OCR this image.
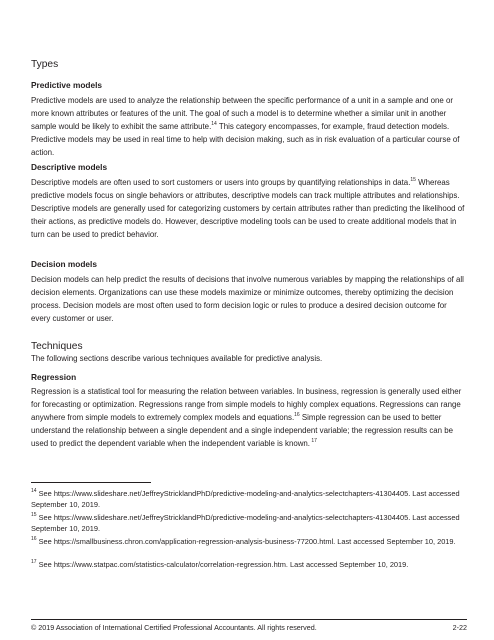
Types
Predictive models
Predictive models are used to analyze the relationship between the specific performance of a unit in a sample and one or more known attributes or features of the unit. The goal of such a model is to determine whether a similar unit in another sample would be likely to exhibit the same attribute.$^{14}$ This category encompasses, for example, fraud detection models. Predictive models may be used in real time to help with decision making, such as in risk evaluation of a particular course of action.
Descriptive models
Descriptive models are often used to sort customers or users into groups by quantifying relationships in data.$^{15}$ Whereas predictive models focus on single behaviors or attributes, descriptive models can track multiple attributes and relationships. Descriptive models are generally used for categorizing customers by certain attributes rather than predicting the likelihood of their actions, as predictive models do. However, descriptive modeling tools can be used to create additional models that in turn can be used to predict behavior.
Decision models
Decision models can help predict the results of decisions that involve numerous variables by mapping the relationships of all decision elements. Organizations can use these models maximize or minimize outcomes, thereby optimizing the decision process. Decision models are most often used to form decision logic or rules to produce a desired decision outcome for every customer or user.
Techniques
The following sections describe various techniques available for predictive analysis.
Regression
Regression is a statistical tool for measuring the relation between variables. In business, regression is generally used either for forecasting or optimization. Regressions range from simple models to highly complex equations. Regressions can range anywhere from simple models to extremely complex models and equations.$^{16}$ Simple regression can be used to better understand the relationship between a single dependent and a single independent variable; the regression results can be used to predict the dependent variable when the independent variable is known. $^{17}$
$^{14}$ See https://www.slideshare.net/JeffreyStricklandPhD/predictive-modeling-and-analytics-selectchapters-41304405. Last accessed September 10, 2019.
$^{15}$ See https://www.slideshare.net/JeffreyStricklandPhD/predictive-modeling-and-analytics-selectchapters-41304405. Last accessed September 10, 2019.
$^{16}$ See https://smallbusiness.chron.com/application-regression-analysis-business-77200.html. Last accessed September 10, 2019.
$^{17}$ See https://www.statpac.com/statistics-calculator/correlation-regression.htm. Last accessed September 10, 2019.
© 2019 Association of International Certified Professional Accountants. All rights reserved.	2-22
